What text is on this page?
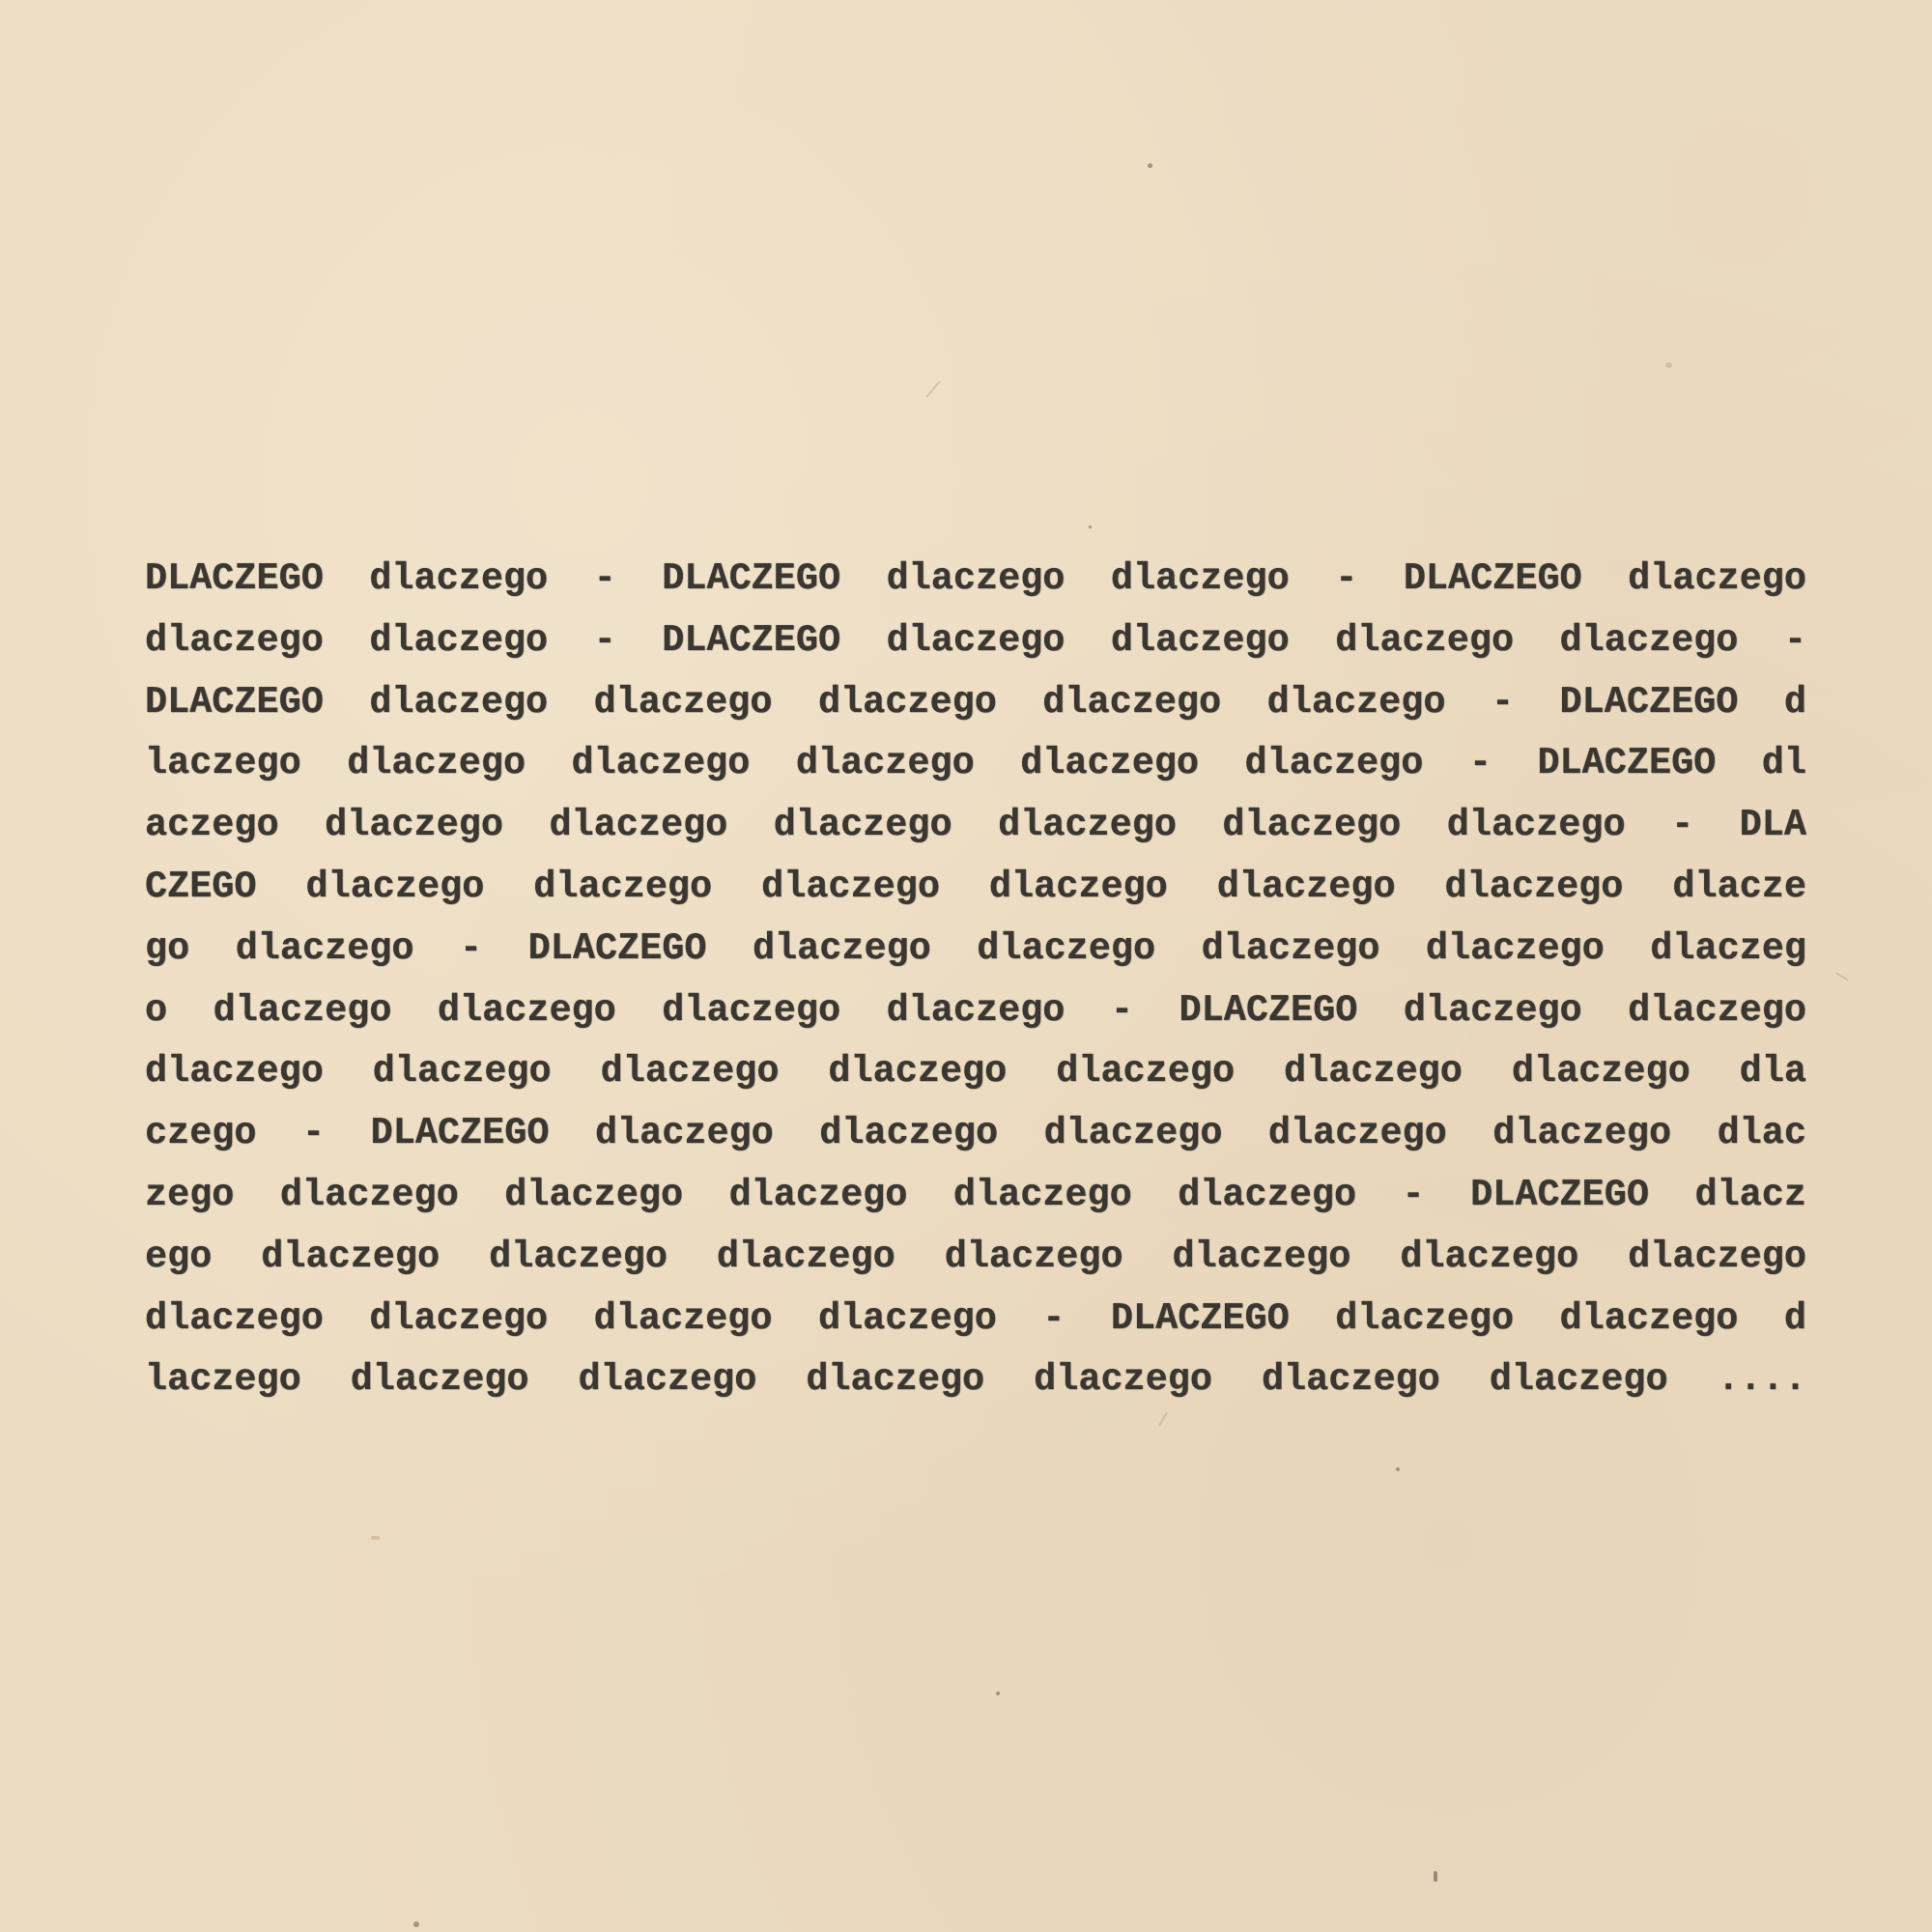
DLACZEGO dlaczego - DLACZEGO dlaczego dlaczego - DLACZEGO dlaczego
dlaczego dlaczego - DLACZEGO dlaczego dlaczego dlaczego dlaczego -
DLACZEGO dlaczego dlaczego dlaczego dlaczego dlaczego - DLACZEGO d
laczego dlaczego dlaczego dlaczego dlaczego dlaczego - DLACZEGO dl
aczego dlaczego dlaczego dlaczego dlaczego dlaczego dlaczego - DLA
CZEGO dlaczego dlaczego dlaczego dlaczego dlaczego dlaczego dlacze
go dlaczego - DLACZEGO dlaczego dlaczego dlaczego dlaczego dlaczeg
o dlaczego dlaczego dlaczego dlaczego - DLACZEGO dlaczego dlaczego
dlaczego dlaczego dlaczego dlaczego dlaczego dlaczego dlaczego dla
czego - DLACZEGO dlaczego dlaczego dlaczego dlaczego dlaczego dlac
zego dlaczego dlaczego dlaczego dlaczego dlaczego - DLACZEGO dlacz
ego dlaczego dlaczego dlaczego dlaczego dlaczego dlaczego dlaczego
dlaczego dlaczego dlaczego dlaczego - DLACZEGO dlaczego dlaczego d
laczego dlaczego dlaczego dlaczego dlaczego dlaczego dlaczego ....
